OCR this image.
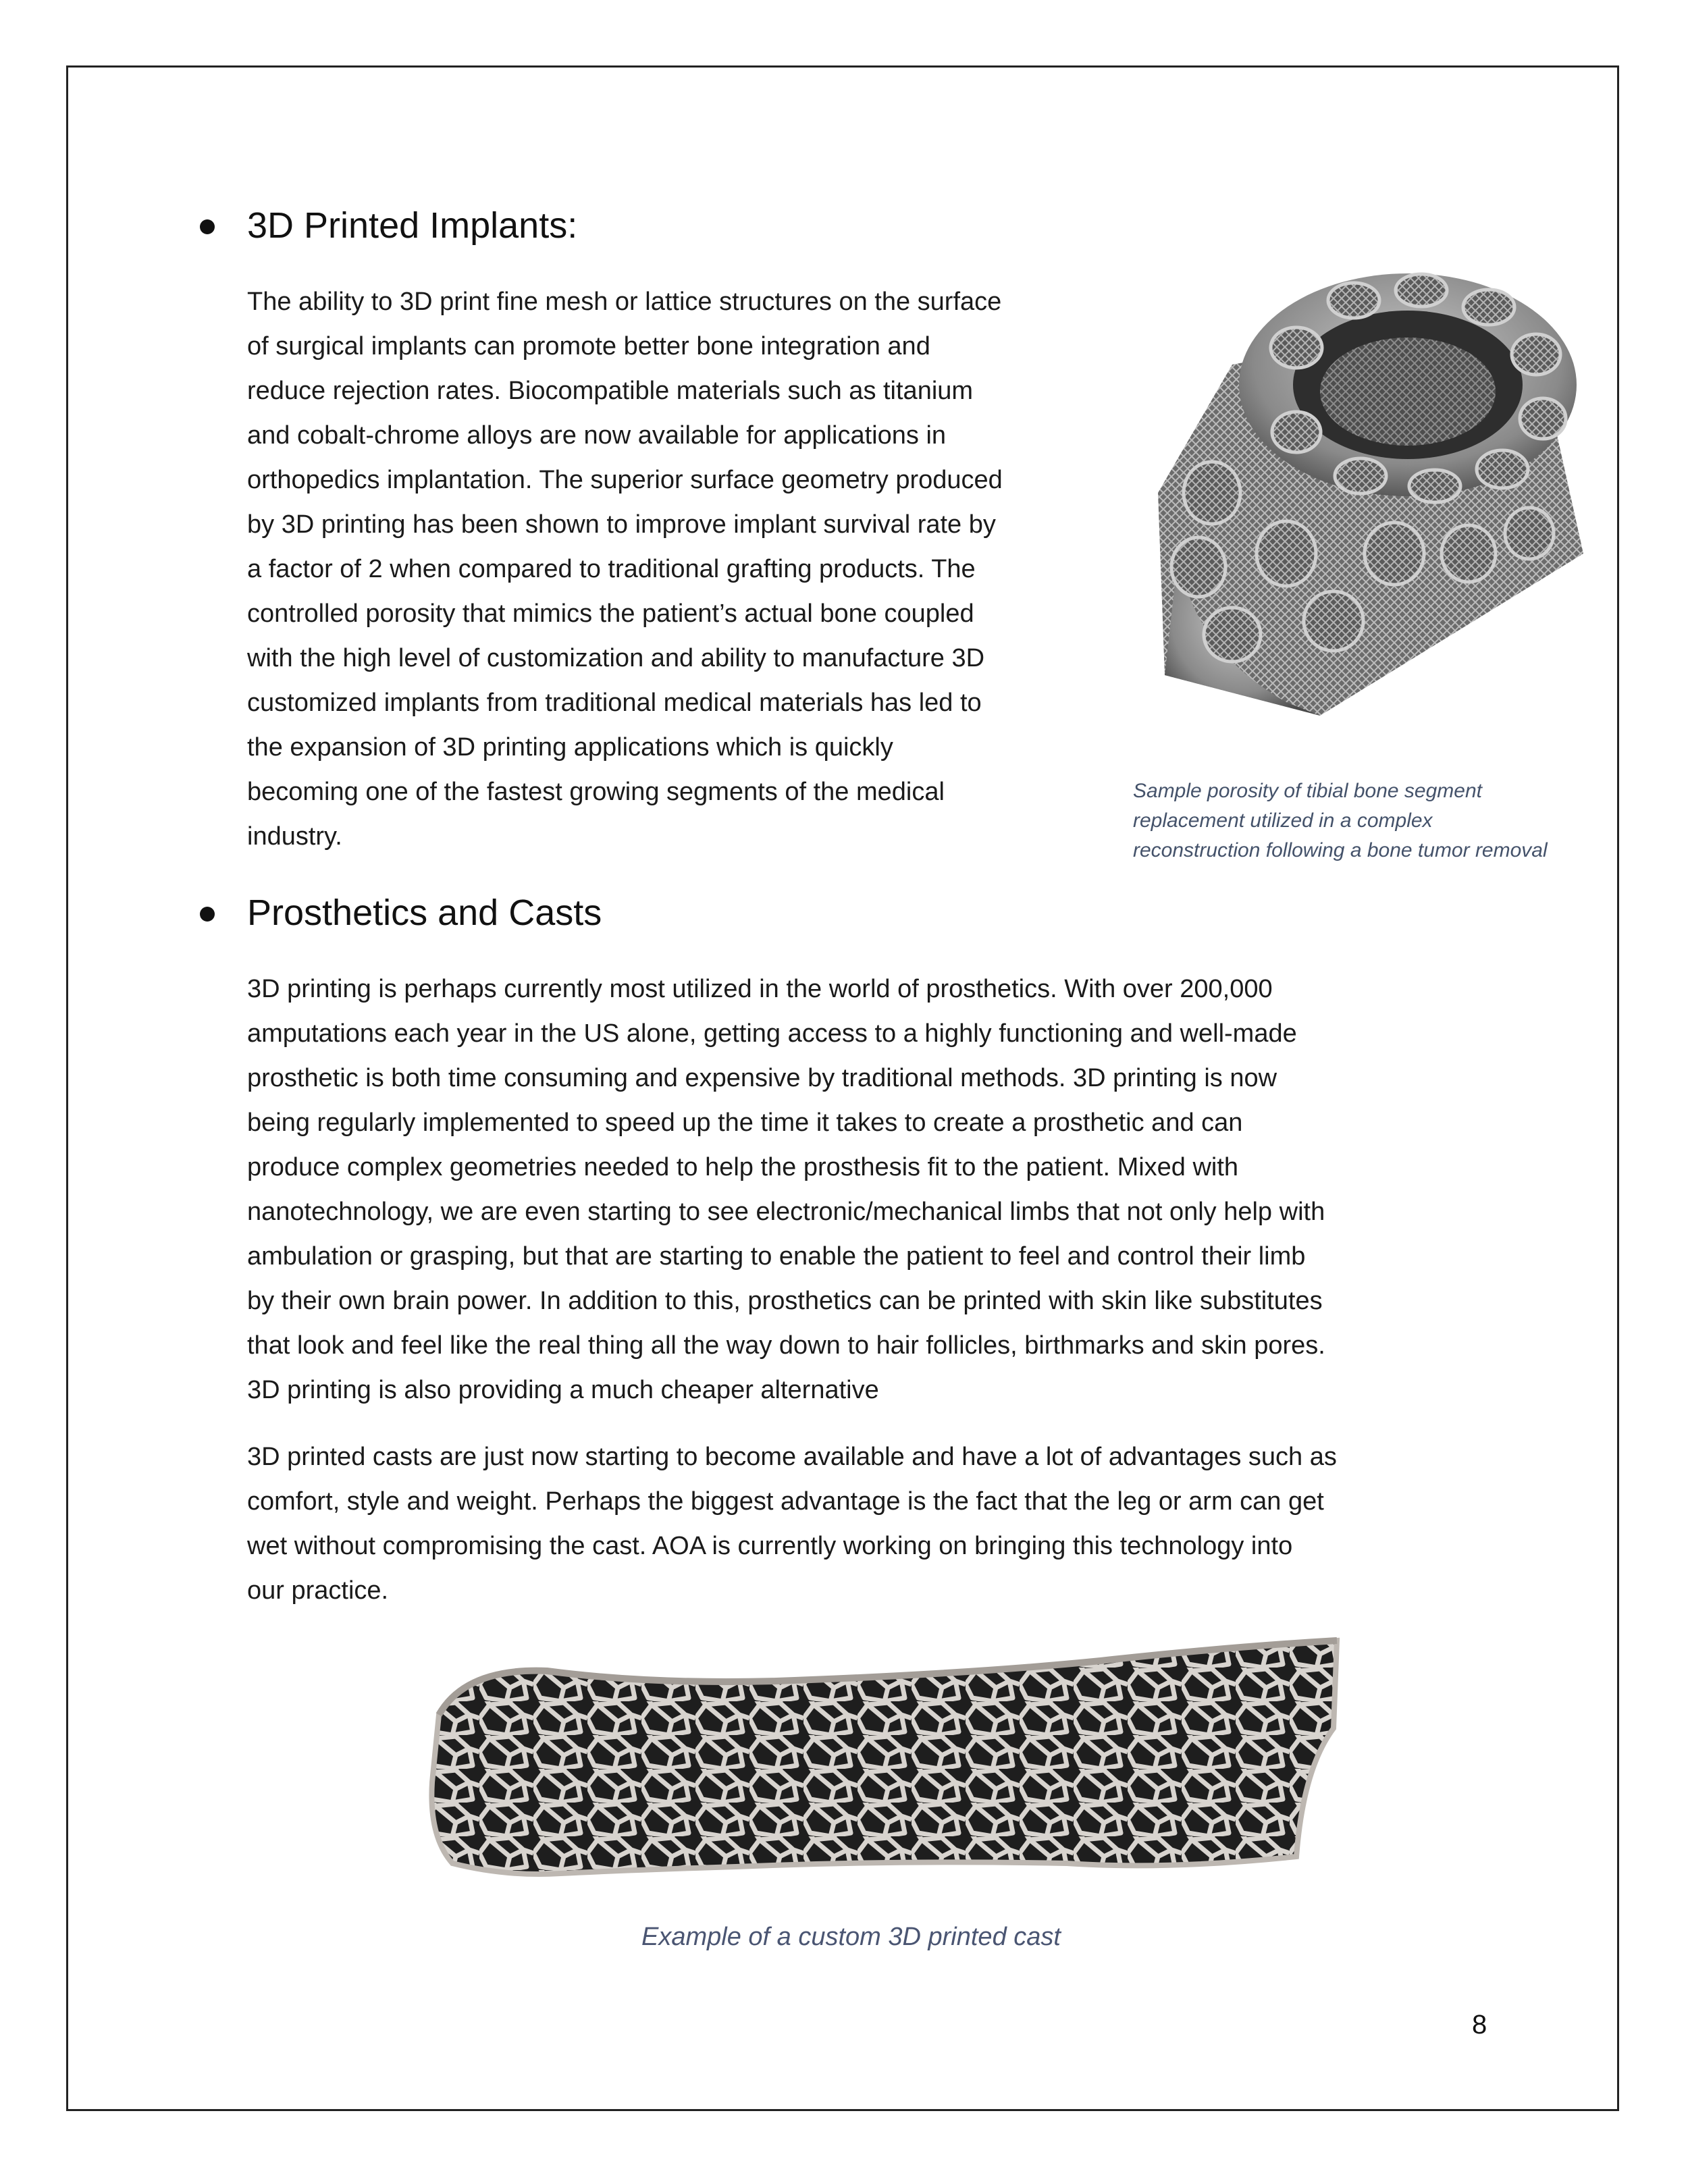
3D Printed Implants:
The ability to 3D print fine mesh or lattice structures on the surface
of surgical implants can promote better bone integration and
reduce rejection rates. Biocompatible materials such as titanium
and cobalt-chrome alloys are now available for applications in
orthopedics implantation. The superior surface geometry produced
by 3D printing has been shown to improve implant survival rate by
a factor of 2 when compared to traditional grafting products. The
controlled porosity that mimics the patient’s actual bone coupled
with the high level of customization and ability to manufacture 3D
customized implants from traditional medical materials has led to
the expansion of 3D printing applications which is quickly
becoming one of the fastest growing segments of the medical
industry.
Sample porosity of tibial bone segment
replacement utilized in a complex
reconstruction following a bone tumor removal
Prosthetics and Casts
3D printing is perhaps currently most utilized in the world of prosthetics. With over 200,000
amputations each year in the US alone, getting access to a highly functioning and well-made
prosthetic is both time consuming and expensive by traditional methods. 3D printing is now
being regularly implemented to speed up the time it takes to create a prosthetic and can
produce complex geometries needed to help the prosthesis fit to the patient. Mixed with
nanotechnology, we are even starting to see electronic/mechanical limbs that not only help with
ambulation or grasping, but that are starting to enable the patient to feel and control their limb
by their own brain power. In addition to this, prosthetics can be printed with skin like substitutes
that look and feel like the real thing all the way down to hair follicles, birthmarks and skin pores.
3D printing is also providing a much cheaper alternative
3D printed casts are just now starting to become available and have a lot of advantages such as
comfort, style and weight. Perhaps the biggest advantage is the fact that the leg or arm can get
wet without compromising the cast. AOA is currently working on bringing this technology into
our practice.
Example of a custom 3D printed cast
8
